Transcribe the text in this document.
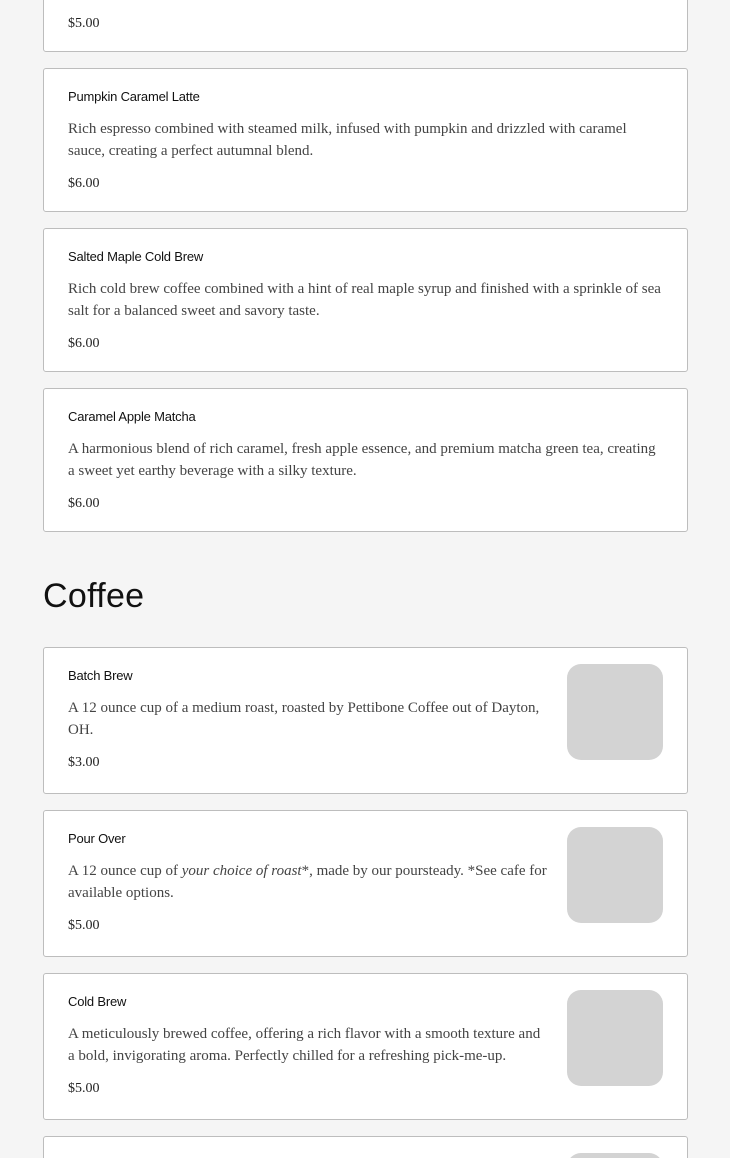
$5.00

Pumpkin Caramel Latte

Rich espresso combined with steamed milk, infused with pumpkin and drizzled with caramel sauce, creating a perfect autumnal blend.

$6.00

Salted Maple Cold Brew

Rich cold brew coffee combined with a hint of real maple syrup and finished with a sprinkle of sea salt for a balanced sweet and savory taste.

$6.00

Caramel Apple Matcha

A harmonious blend of rich caramel, fresh apple essence, and premium matcha green tea, creating a sweet yet earthy beverage with a silky texture.

$6.00

Coffee

Batch Brew

A 12 ounce cup of a medium roast, roasted by Pettibone Coffee out of Dayton, OH.

$3.00

Pour Over

A 12 ounce cup of your choice of roast*, made by our poursteady. *See cafe for available options.

$5.00

Cold Brew

A meticulously brewed coffee, offering a rich flavor with a smooth texture and a bold, invigorating aroma. Perfectly chilled for a refreshing pick-me-up.

$5.00
